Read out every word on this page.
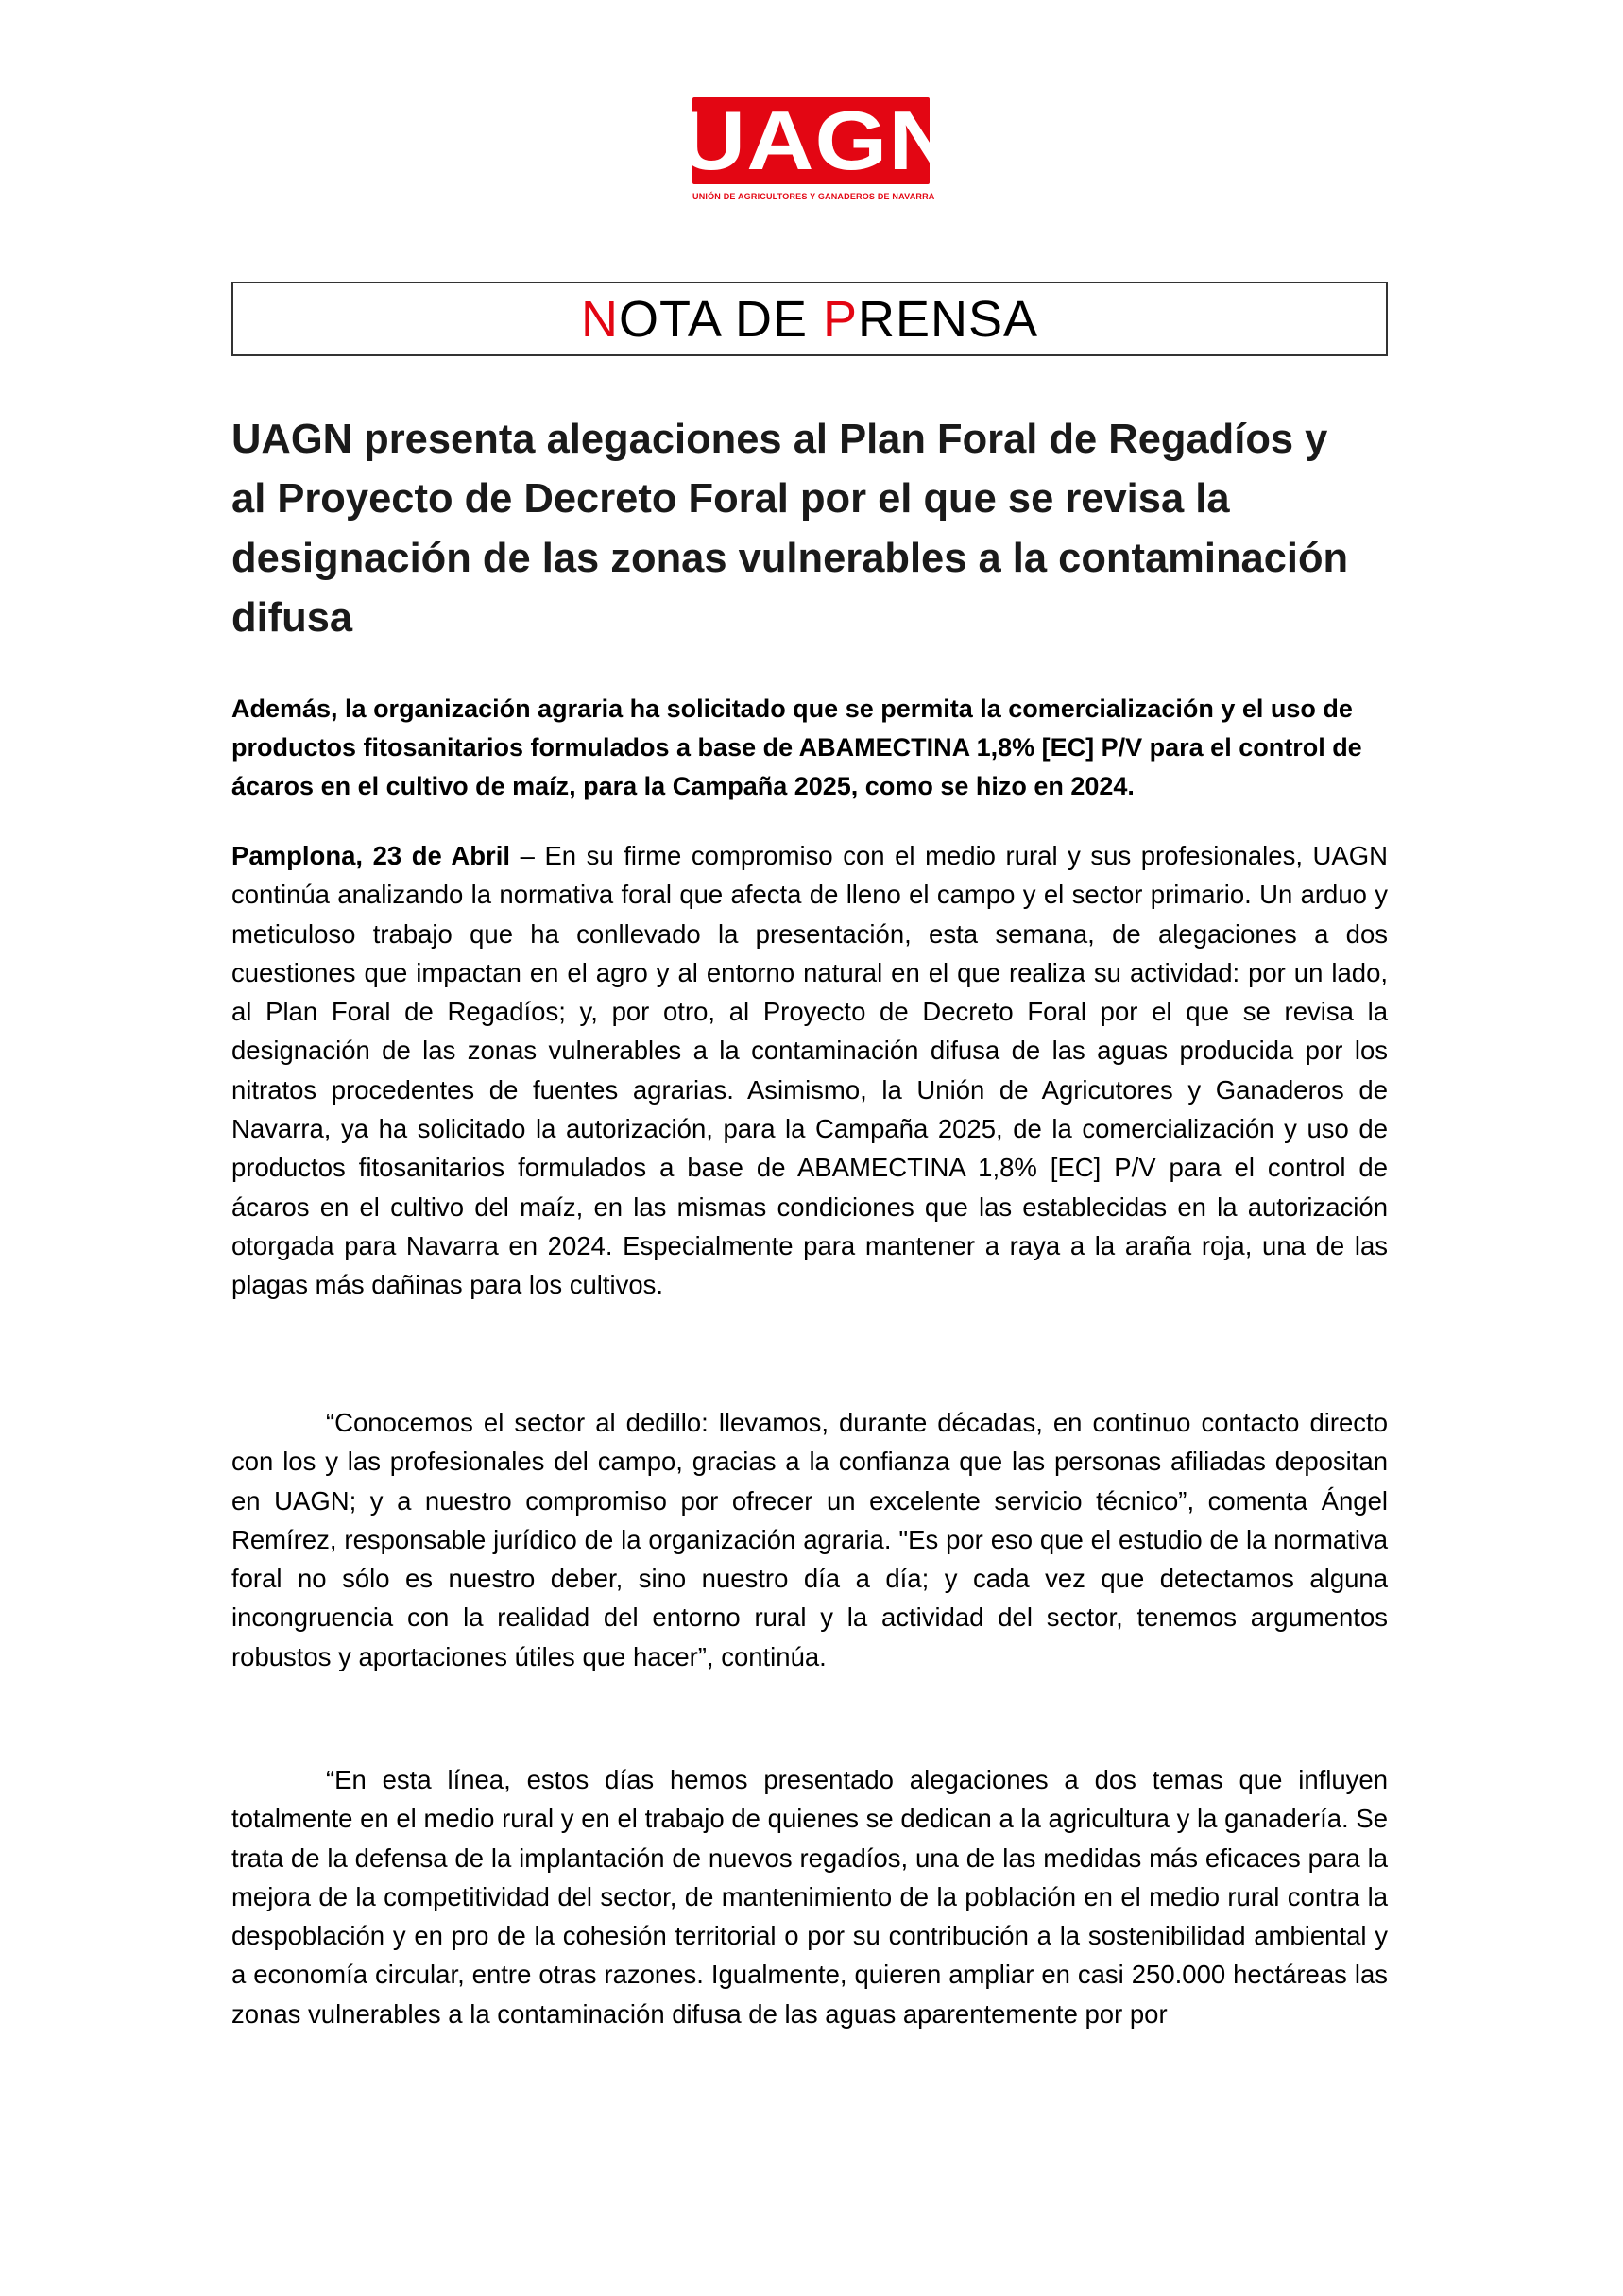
UAGN
UNIÓN DE AGRICULTORES Y GANADEROS DE NAVARRA
NOTA DE PRENSA
UAGN presenta alegaciones al Plan Foral de Regadíos y
al Proyecto de Decreto Foral por el que se revisa la
designación de las zonas vulnerables a la contaminación
difusa
Además, la organización agraria ha solicitado que se permita la comercialización y el uso de productos fitosanitarios formulados a base de ABAMECTINA 1,8% [EC] P/V para el control de ácaros en el cultivo de maíz, para la Campaña 2025, como se hizo en 2024.
Pamplona, 23 de Abril – En su firme compromiso con el medio rural y sus profesionales, UAGN continúa analizando la normativa foral que afecta de lleno el campo y el sector primario. Un arduo y meticuloso trabajo que ha conllevado la presentación, esta semana, de alegaciones a dos cuestiones que impactan en el agro y al entorno natural en el que realiza su actividad: por un lado, al Plan Foral de Regadíos; y, por otro, al Proyecto de Decreto Foral por el que se revisa la designación de las zonas vulnerables a la contaminación difusa de las aguas producida por los nitratos procedentes de fuentes agrarias. Asimismo, la Unión de Agricutores y Ganaderos de Navarra, ya ha solicitado la autorización, para la Campaña 2025, de la comercialización y uso de productos fitosanitarios formulados a base de ABAMECTINA 1,8% [EC] P/V para el control de ácaros en el cultivo del maíz, en las mismas condiciones que las establecidas en la autorización otorgada para Navarra en 2024. Especialmente para mantener a raya a la araña roja, una de las plagas más dañinas para los cultivos.
“Conocemos el sector al dedillo: llevamos, durante décadas, en continuo contacto directo con los y las profesionales del campo, gracias a la confianza que las personas afiliadas depositan en UAGN; y a nuestro compromiso por ofrecer un excelente servicio técnico”, comenta Ángel Remírez, responsable jurídico de la organización agraria. "Es por eso que el estudio de la normativa foral no sólo es nuestro deber, sino nuestro día a día; y cada vez que detectamos alguna incongruencia con la realidad del entorno rural y la actividad del sector, tenemos argumentos robustos y aportaciones útiles que hacer”, continúa.
“En esta línea, estos días hemos presentado alegaciones a dos temas que influyen totalmente en el medio rural y en el trabajo de quienes se dedican a la agricultura y la ganadería. Se trata de la defensa de la implantación de nuevos regadíos, una de las medidas más eficaces para la mejora de la competitividad del sector, de mantenimiento de la población en el medio rural contra la despoblación y en pro de la cohesión territorial o por su contribución a la sostenibilidad ambiental y a economía circular, entre otras razones. Igualmente, quieren ampliar en casi 250.000 hectáreas las zonas vulnerables a la contaminación difusa de las aguas aparentemente por por
